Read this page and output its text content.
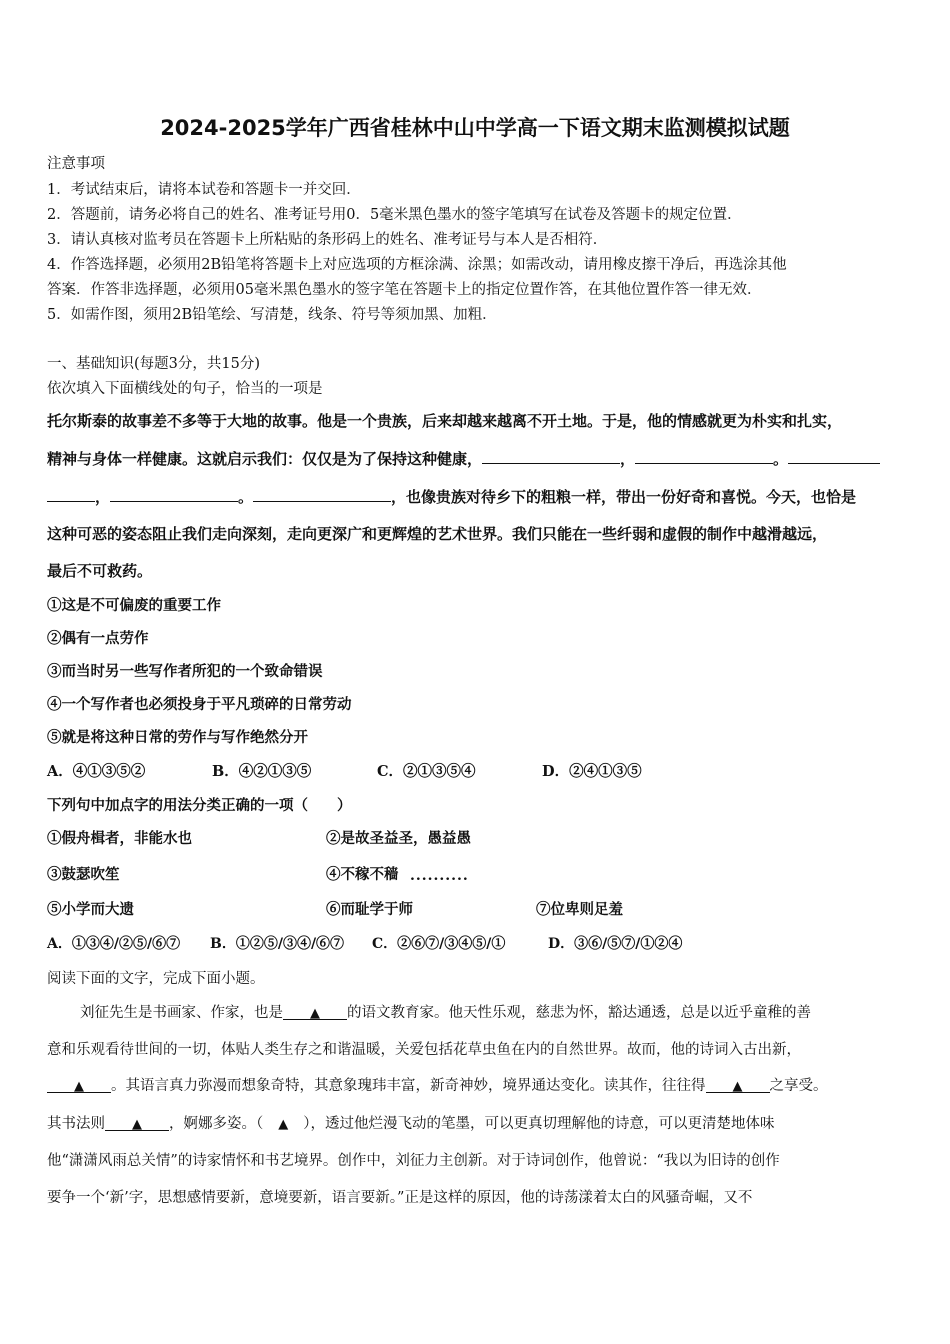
2024-2025学年广西省桂林中山中学高一下语文期末监测模拟试题
注意事项
1．考试结束后，请将本试卷和答题卡一并交回．
2．答题前，请务必将自己的姓名、准考证号用0．5毫米黑色墨水的签字笔填写在试卷及答题卡的规定位置．
3．请认真核对监考员在答题卡上所粘贴的条形码上的姓名、准考证号与本人是否相符．
4．作答选择题，必须用2B铅笔将答题卡上对应选项的方框涂满、涂黑；如需改动，请用橡皮擦干净后，再选涂其他
答案．作答非选择题，必须用05毫米黑色墨水的签字笔在答题卡上的指定位置作答，在其他位置作答一律无效．
5．如需作图，须用2B铅笔绘、写清楚，线条、符号等须加黑、加粗．
一、基础知识(每题3分，共15分)
依次填入下面横线处的句子，恰当的一项是
托尔斯泰的故事差不多等于大地的故事。他是一个贵族，后来却越来越离不开土地。于是，他的情感就更为朴实和扎实，
精神与身体一样健康。这就启示我们：仅仅是为了保持这种健康，	，	。
，	。	，也像贵族对待乡下的粗粮一样，带出一份好奇和喜悦。今天，也恰是
这种可恶的姿态阻止我们走向深刻，走向更深广和更辉煌的艺术世界。我们只能在一些纤弱和虚假的制作中越滑越远，
最后不可救药。
①这是不可偏废的重要工作
②偶有一点劳作
③而当时另一些写作者所犯的一个致命错误
④一个写作者也必须投身于平凡琐碎的日常劳动
⑤就是将这种日常的劳作与写作绝然分开
A．④①③⑤②	B．④②①③⑤	C．②①③⑤④	D．②④①③⑤
下列句中加点字的用法分类正确的一项（　　）
①假舟楫者，非能水也	②是故圣益圣，愚益愚
③鼓瑟吹笙	④不稼不穑 ..........
⑤小学而大遗	⑥而耻学于师	⑦位卑则足羞
A．①③④/②⑤/⑥⑦ B．①②⑤/③④/⑥⑦ C．②⑥⑦/③④⑤/①	D．③⑥/⑤⑦/①②④
阅读下面的文字，完成下面小题。
刘征先生是书画家、作家，也是 ▲ 的语文教育家。他天性乐观，慈悲为怀，豁达通透，总是以近乎童稚的善
意和乐观看待世间的一切，体贴人类生存之和谐温暖，关爱包括花草虫鱼在内的自然世界。故而，他的诗词入古出新，
▲ 。其语言真力弥漫而想象奇特，其意象瑰玮丰富，新奇神妙，境界通达变化。读其作，往往得 ▲ 之享受。
其书法则 ▲ ，婀娜多姿。（ ▲ ），透过他烂漫飞动的笔墨，可以更真切理解他的诗意，可以更清楚地体味
他“潇潇风雨总关情”的诗家情怀和书艺境界。创作中，刘征力主创新。对于诗词创作，他曾说：“我以为旧诗的创作
要争一个‘新’字，思想感情要新，意境要新，语言要新。”正是这样的原因，他的诗荡漾着太白的风骚奇崛，又不
